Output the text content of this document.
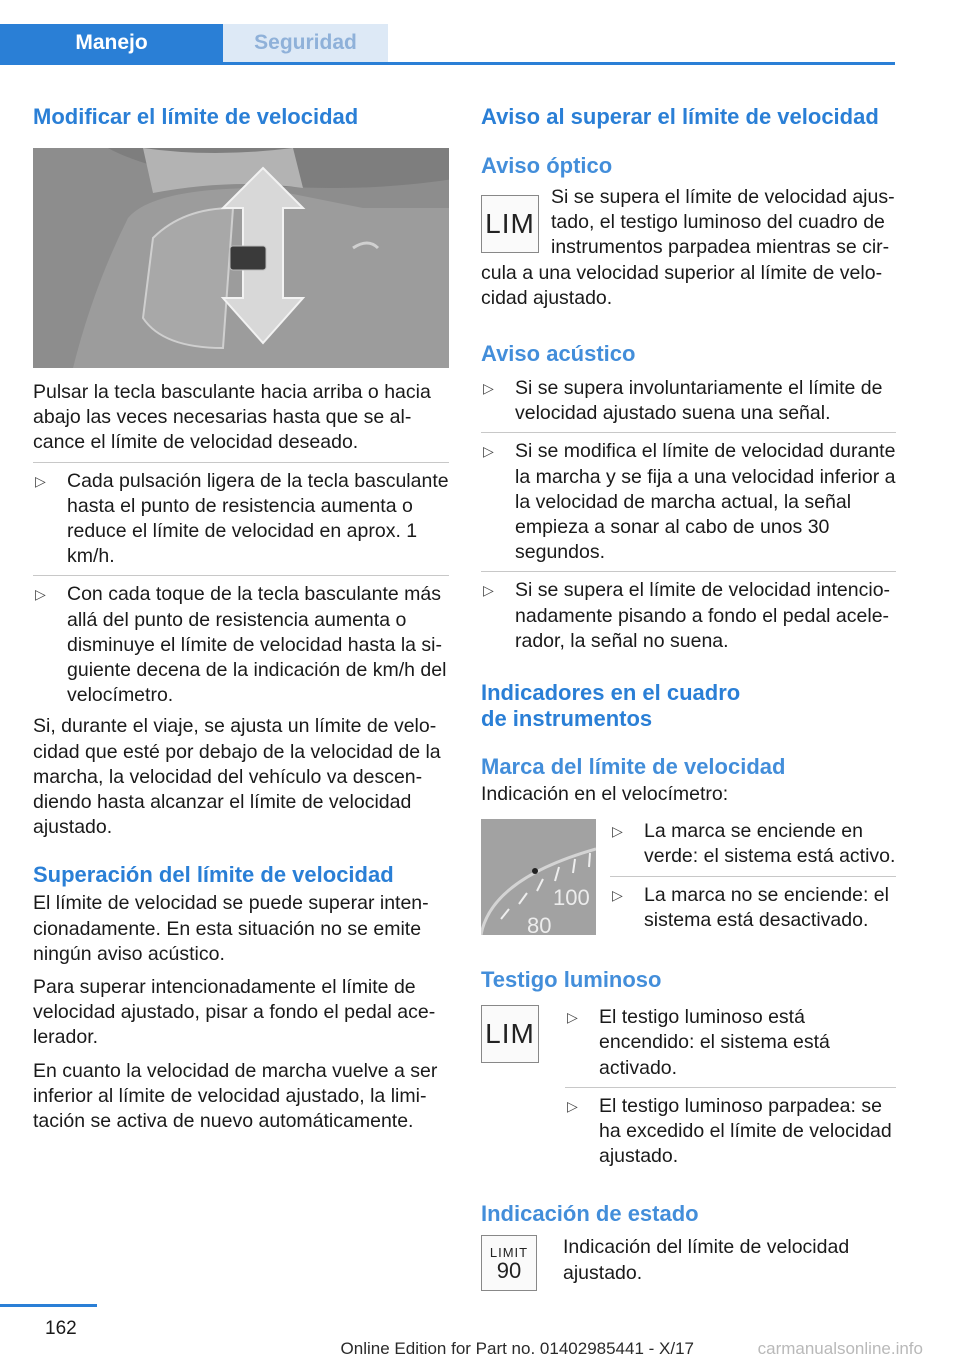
Manejo	Seguridad
Modificar el límite de velocidad

Pulsar la tecla basculante hacia arriba o hacia abajo las veces necesarias hasta que se alcance el límite de velocidad deseado.

▷ Cada pulsación ligera de la tecla basculante hasta el punto de resistencia aumenta o reduce el límite de velocidad en aprox. 1 km/h.
▷ Con cada toque de la tecla basculante más allá del punto de resistencia aumenta o disminuye el límite de velocidad hasta la siguiente decena de la indicación de km/h del velocímetro.

Si, durante el viaje, se ajusta un límite de velocidad que esté por debajo de la velocidad de la marcha, la velocidad del vehículo va descendiendo hasta alcanzar el límite de velocidad ajustado.

Superación del límite de velocidad

El límite de velocidad se puede superar intencionadamente. En esta situación no se emite ningún aviso acústico.

Para superar intencionadamente el límite de velocidad ajustado, pisar a fondo el pedal acelerador.

En cuanto la velocidad de marcha vuelve a ser inferior al límite de velocidad ajustado, la limitación se activa de nuevo automáticamente.

Aviso al superar el límite de velocidad
Aviso óptico
LIM

Si se supera el límite de velocidad ajustado, el testigo luminoso del cuadro de instrumentos parpadea mientras se circula a una velocidad superior al límite de velocidad ajustado.

Aviso acústico
▷ Si se supera involuntariamente el límite de velocidad ajustado suena una señal.
▷ Si se modifica el límite de velocidad durante la marcha y se fija a una velocidad inferior a la velocidad de marcha actual, la señal empieza a sonar al cabo de unos 30 segundos.
▷ Si se supera el límite de velocidad intencionadamente pisando a fondo el pedal acelerador, la señal no suena.
Indicadores en el cuadro
de instrumentos
Marca del límite de velocidad

Indicación en el velocímetro:

100
80
▷ La marca se enciende en verde: el sistema está activo.
▷ La marca no se enciende: el sistema está desactivado.
Testigo luminoso
LIM
▷ El testigo luminoso está encendido: el sistema está activado.
▷ El testigo luminoso parpadea: se ha excedido el límite de velocidad ajustado.
Indicación de estado
LIMIT
90

Indicación del límite de velocidad ajustado.

162
Online Edition for Part no. 01402985441 - X/17	carmanualsonline.info
